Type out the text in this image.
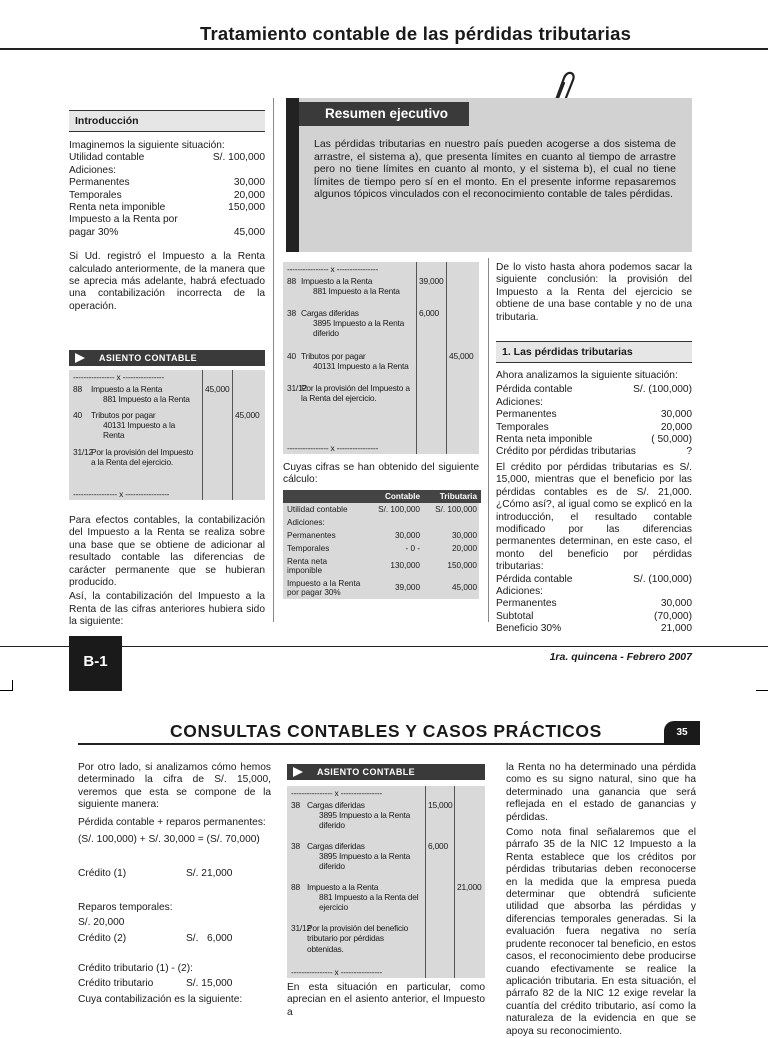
Tratamiento contable de las pérdidas tributarias
Introducción
Imaginemos la siguiente situación:
Utilidad contable	S/. 100,000
Adiciones:
Permanentes	30,000
Temporales	20,000
Renta neta imponible	150,000
Impuesto a la Renta por
pagar 30%	45,000
Si Ud. registró el Impuesto a la Renta calculado anteriormente, de la manera que se aprecia más adelante, habrá efectuado una contabilización incorrecta de la operación.
ASIENTO CONTABLE
---------------- x ----------------
88 Impuesto a la Renta	45,000
881 Impuesto a la Renta
40 Tributos por pagar	45,000
40131 Impuesto a la Renta
31/12
Por la provisión del Impuesto a la Renta del ejercicio.
----------------- x -----------------
Para efectos contables, la contabilización del Impuesto a la Renta se realiza sobre una base que se obtiene de adicionar al resultado contable las diferencias de carácter permanente que se hubieran producido.
Así, la contabilización del Impuesto a la Renta de las cifras anteriores hubiera sido la siguiente:
Resumen ejecutivo
Las pérdidas tributarias en nuestro país pueden acogerse a dos sistema de arrastre, el sistema a), que presenta límites en cuanto al tiempo de arrastre pero no tiene límites en cuanto al monto, y el sistema b), el cual no tiene límites de tiempo pero sí en el monto. En el presente informe repasaremos algunos tópicos vinculados con el reconocimiento contable de tales pérdidas.
---------------- x ----------------
88 Impuesto a la Renta	39,000
881 Impuesto a la Renta
38 Cargas diferidas	6,000
3895 Impuesto a la Renta diferido
40 Tributos por pagar	45,000
40131 Impuesto a la Renta
31/12
Por la provisión del Impuesto a la Renta del ejercicio.
---------------- x ----------------
Cuyas cifras se han obtenido del siguiente cálculo:
	Contable	Tributaria
Utilidad contable	S/. 100,000	S/. 100,000
Adiciones:		
Permanentes	30,000	30,000
Temporales	- 0 -	20,000
Renta neta imponible	130,000	150,000
Impuesto a la Renta por pagar 30%	39,000	45,000
De lo visto hasta ahora podemos sacar la siguiente conclusión: la provisión del Impuesto a la Renta del ejercicio se obtiene de una base contable y no de una tributaria.
1. Las pérdidas tributarias
Ahora analizamos la siguiente situación:
Pérdida contable	S/. (100,000)
Adiciones:
Permanentes	30,000
Temporales	20,000
Renta neta imponible	( 50,000)
Crédito por pérdidas tributarias	?
El crédito por pérdidas tributarias es S/. 15,000, mientras que el beneficio por las pérdidas contables es de S/. 21,000. ¿Cómo así?, al igual como se explicó en la introducción, el resultado contable modificado por las diferencias permanentes determinan, en este caso, el monto del beneficio por pérdidas tributarias:
Pérdida contable	S/. (100,000)
Adiciones:
Permanentes	30,000
Subtotal	(70,000)
Beneficio 30%	21,000
B-1	1ra. quincena - Febrero 2007
CONSULTAS CONTABLES Y CASOS PRÁCTICOS	35
Por otro lado, si analizamos cómo hemos determinado la cifra de S/. 15,000, veremos que esta se compone de la siguiente manera:
Pérdida contable + reparos permanentes:
(S/. 100,000) + S/. 30,000 = (S/. 70,000)
Crédito (1)	S/. 21,000
Reparos temporales:
S/. 20,000
Crédito (2)	S/.   6,000
Crédito tributario (1) - (2):
Crédito tributario	S/. 15,000
Cuya contabilización es la siguiente:
ASIENTO CONTABLE
---------------- x ----------------
38 Cargas diferidas	15,000
3895 Impuesto a la Renta diferido
38 Cargas diferidas	6,000
3895 Impuesto a la Renta diferido
88 Impuesto a la Renta	21,000
881 Impuesto a la Renta del ejercicio
31/12
Por la provisión del beneficio tributario por pérdidas obtenidas.
---------------- x ----------------
En esta situación en particular, como aprecian en el asiento anterior, el Impuesto a
la Renta no ha determinado una pérdida como es su signo natural, sino que ha determinado una ganancia que será reflejada en el estado de ganancias y pérdidas.
Como nota final señalaremos que el párrafo 35 de la NIC 12 Impuesto a la Renta establece que los créditos por pérdidas tributarias deben reconocerse en la medida que la empresa pueda determinar que obtendrá suficiente utilidad que absorba las pérdidas y diferencias temporales generadas. Si la evaluación fuera negativa no sería prudente reconocer tal beneficio, en estos casos, el reconocimiento debe producirse cuando efectivamente se realice la aplicación tributaria. En esta situación, el párrafo 82 de la NIC 12 exige revelar la cuantía del crédito tributario, así como la naturaleza de la evidencia en que se apoya su reconocimiento.
